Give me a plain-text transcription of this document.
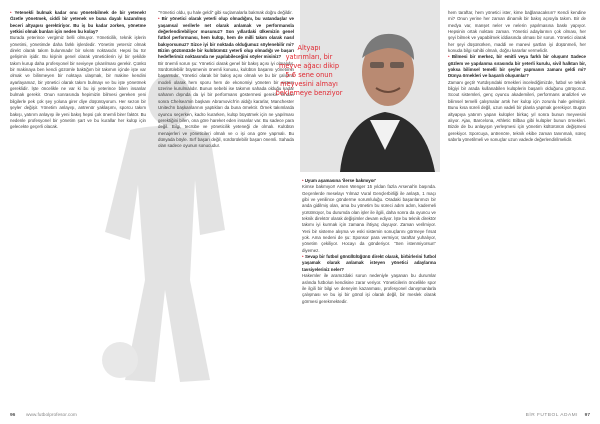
• Yetenekli bulmak kadar onu yönetebilmek de bir yetenek! Özetle yönetmek, ciddi bir yetenek ve buna dayalı kazanılmış beceri altyapısı gerektiriyor. Bu iş bu kadar zorken, yönetme yetkisi olmak bunları için neden bu kolay?

Burada yeterince vergimiz belli olmuyor. Yöneticilik, teknik işlerin yönetimi, yönetimde daha farklı işlerdedir. Yönetim yetersiz olmak direkt olarak takım bulunmadır bir sıkıntı noktasıdır. Hepsi bu tür gelişimin işidir. Bu kişinin genel olarak yöneticilerin iyi bir şekilde takım kurup daha profesyonel bir seviyeye çıkarılması gerekir. Çünkü bir makinaya ben kendi gözümle baktığım bir takımın içinde işte var olmak ve bilinmeyen bir noktaya ulaşmak, bir makine kendini ayarlayamaz, bir yönetici olarak takım bulmayı ve bu işte yönetmek gereklidir. İşte öncelikle ne var ki bu işi yeterince bilen insanlar bulmak gerekir. Onun sonrasında hepimizin bilmesi gereken yeni bilgilerle pek çok şey yoluna girer diye düşünüyorum. Her sezon bir şeyler değişir. Yönetim anlayışı, antrenör yaklaşımı, sporcu takım bakışı, yatırım anlayışı ile yeni bakış hepsi çok önemli birer faktör. Bu nedenle profesyonel bir yönetim şart ve bu kurallar her kulüp için gelecekte geçerli olacak.

"Yönetici oldu, şu hale geldi" gibi suçlamalarla bakmak doğru değildir.

• Bir yönetici olarak yeterli olup olmadığını, bu vatandaşlar ve yaşamsal verilerle net olarak anlamak ve performansla değerlendirebiliyor musunuz? Son yıllardaki ülkemizin genel futbol performansı, hem kulüp, hem de milli takım olarak nasıl bakıyorsunuz? Sizce iyi bir noktada olduğumuz söylenebilir mi? Bizim gözümüzde bir kulübümüz yeterli olup olmadığı ve başarı hedeflerimiz noktasında ne yapılabileceğini söyler misiniz?

Bir önemli sorun şu: Yönetici olarak genel bir bakış açısı iyi olmalıdır. Sürdürülebilir büyümenin önemli konusu, kulübün başarısı yönetimin başarısıdır. Yönetici olarak bir bakış açısı olmalı ve bu bir çalışma modeli olarak hem sporu hem de ekonomiyi yöneten bir sistem üzerine kurulmalıdır. Bunun sebebi ise takımın sahada olduğu kadar sahanın dışında da iyi bir performans göstermesi gerekir. Ondan sonra Chelsea'nin başkanı Abramovich'in aldığı kararlar, Manchester United'ın başkanlarının yaptıkları da buna örnektir. Örnek takımlarda oyuncu seçerken, kadro kurarken, kulüp büyütmek için ne yapılması gerektiğini bilen, ona göre hareket eden insanlar var. Bu sadece para değil. Bilgi, tecrübe ve yöneticilik yeteneği de olmalı. Kulübün menajerleri ve yöneticileri olmalı ve o işi ona göre yapmalı. Bu dünyada böyle. Sırf başarı değil, sürdürülebilir başarı önemli. Sahada olan sadece oyunun sonucudur.

Altyapı
yatırımları, bir
meyve ağacı dikip
5-6 sene onun
meyvesini almayı
beklemeye benziyor

• Uyum aşamasına 'ilerse bakmıyor'

Kimse bakmıyor! Arsen Wenger 15 yıldan fazla Arsenal'in başında. Geçenlerde meselayı Yılmaz Vural Gençlerbirliği ile anlaştı, 1 maçı gibi ve yenilince gönderme sorumluluğu. Oradaki başarılarımızı bir anda gidilmiş olan, ama bu yönetim bu süreci adım adım, kademeli yürütmüyor, bu durumda olan işler ile ilgili, daha sonra da oyuncu ve teknik direktör olarak değişimler devam ediyor. İşte bu teknik direktör takımı iyi kurmak için zamana ihtiyaç duyuyor. Zaman verilmiyor. Yeni bir sisteme alışma ve eski sistemin sonuçlarını görmeye fırsat yok. Ama nedeni de şu: Sponsor para vermiyor, taraftar yuhalıyor, yönetim çekiliyor. Hocayı da gönderiyor. "Sen istenmiyorsun" diyemez.

• Sevap bir futbol gönüllülüğünü direkt olarak, birbirlerini futbol yaşamak olarak anlamak isteyen yönetici adaylarına tavsiyeleriniz neler?

Hakemler ile aramızdaki sorun nedeniyle yaşanan bu durumlar aslında futbolun kendisine zarar veriyor. Yöneticilerin öncelikle spor ile ilgili bir bilgi ve deneyim kazanması, profesyonel danışmanlarla çalışması ve bu işi bir gönül işi olarak değil, bir meslek olarak görmesi gerekmektedir.

hem taraftar, hem yönetici ister, kime bağlanacaksın? Kendi kendine mi? Onun yerine her zaman dinamik bir bakış açısıyla takım. Bir de medya var, manşet neler ve nelerin yapılmasına baskı yapıyor. Hepsinin ortak noktası zaman. Yönetici adaylarının çok olması, her şeyi bilmek ve yapabilmek iddiasında olması bir sorun. Yönetici olarak her şeyi düşünürken, maddi ve manevi şartları iyi düşünmeli, her konuda bilgi sahibi olmalı, doğru kararlar vermelidir.

• Bilmesi bir merkez, bir emitli veya farklı bir oluşum! Sadece gözlem ve yapılanma sırasında bir yeterli kurulu, sivil halktan bir, yoksa bilimsel temelli bir şeyler yapmanın zamanı geldi mi? Dünya örnekleri ve başarılı oluşumlar?

Zamanı geçti! Yurtdışındaki örnekleri incelediğimizde, futbol ve teknik bilgiyi bir arada kullanabilen kulüplerin başarılı olduğunu görüyoruz. Scout sistemleri, genç oyuncu akademileri, performans analizleri ve bilimsel temelli çalışmalar artık her kulüp için zorunlu hale gelmiştir. Bunu kısa süreli değil, uzun vadeli bir planla yapmak gerekiyor. Bugün altyapıya yatırım yapan kulüpler birkaç yıl sonra bunun meyvesini alıyor. Ajax, Barcelona, Athletic Bilbao gibi kulüpler bunun örnekleri. Bizde de bu anlayışın yerleşmesi için yönetim kültürünün değişmesi gerekiyor. Sporcuya, antrenöre, teknik ekibe zaman tanınmalı, süreç sabırla yönetilmeli ve sonuçlar uzun vadede değerlendirilmelidir.

96 www.futbolprofesor.com	BİR FUTBOL ADAMI 97
